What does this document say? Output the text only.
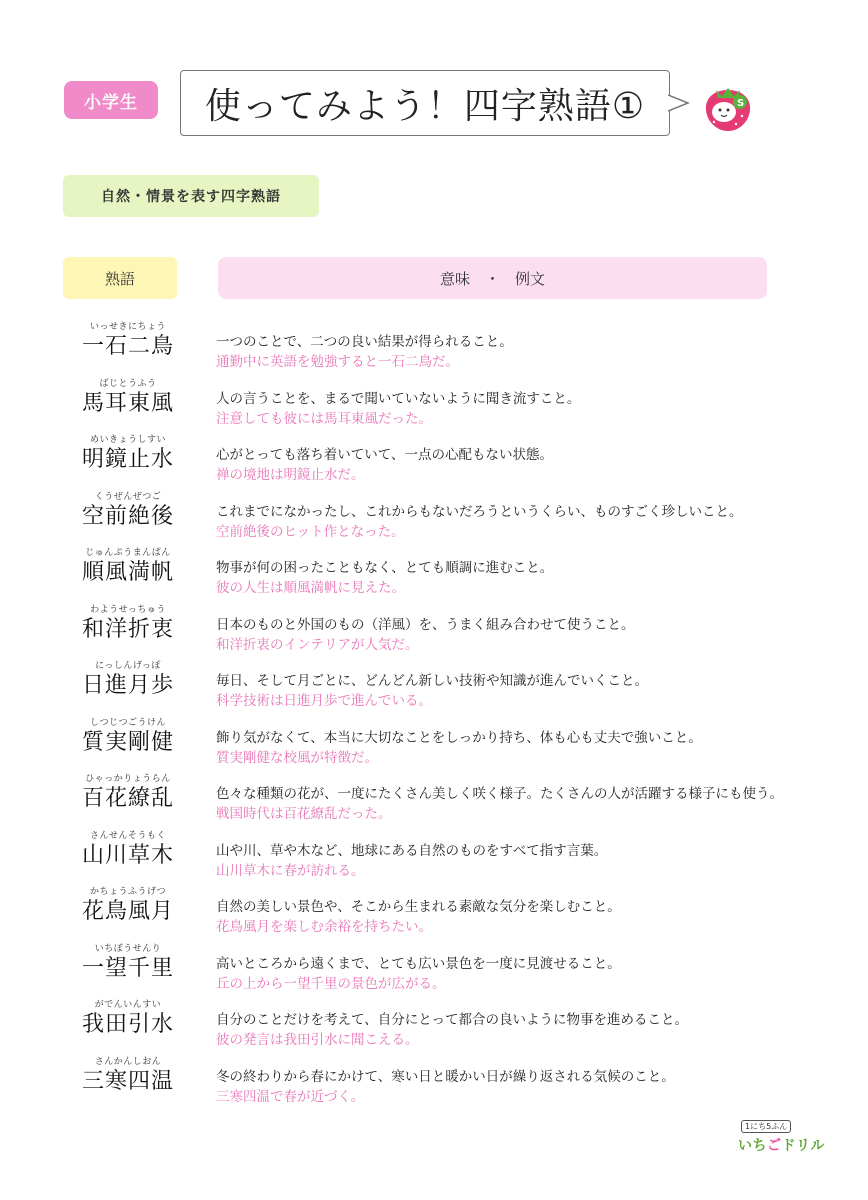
小学生	使ってみよう！四字熟語①	S
自然・情景を表す四字熟語
熟語	意味　・　例文
いっせきにちょう
一石二鳥	一つのことで、二つの良い結果が得られること。
通勤中に英語を勉強すると一石二鳥だ。
ばじとうふう
馬耳東風	人の言うことを、まるで聞いていないように聞き流すこと。
注意しても彼には馬耳東風だった。
めいきょうしすい
明鏡止水	心がとっても落ち着いていて、一点の心配もない状態。
禅の境地は明鏡止水だ。
くうぜんぜつご
空前絶後	これまでになかったし、これからもないだろうというくらい、ものすごく珍しいこと。
空前絶後のヒット作となった。
じゅんぷうまんぱん
順風満帆	物事が何の困ったこともなく、とても順調に進むこと。
彼の人生は順風満帆に見えた。
わようせっちゅう
和洋折衷	日本のものと外国のもの（洋風）を、うまく組み合わせて使うこと。
和洋折衷のインテリアが人気だ。
にっしんげっぽ
日進月歩	毎日、そして月ごとに、どんどん新しい技術や知識が進んでいくこと。
科学技術は日進月歩で進んでいる。
しつじつごうけん
質実剛健	飾り気がなくて、本当に大切なことをしっかり持ち、体も心も丈夫で強いこと。
質実剛健な校風が特徴だ。
ひゃっかりょうらん
百花繚乱	色々な種類の花が、一度にたくさん美しく咲く様子。たくさんの人が活躍する様子にも使う。
戦国時代は百花繚乱だった。
さんせんそうもく
山川草木	山や川、草や木など、地球にある自然のものをすべて指す言葉。
山川草木に春が訪れる。
かちょうふうげつ
花鳥風月	自然の美しい景色や、そこから生まれる素敵な気分を楽しむこと。
花鳥風月を楽しむ余裕を持ちたい。
いちぼうせんり
一望千里	高いところから遠くまで、とても広い景色を一度に見渡せること。
丘の上から一望千里の景色が広がる。
がでんいんすい
我田引水	自分のことだけを考えて、自分にとって都合の良いように物事を進めること。
彼の発言は我田引水に聞こえる。
さんかんしおん
三寒四温	冬の終わりから春にかけて、寒い日と暖かい日が繰り返される気候のこと。
三寒四温で春が近づく。
1にち5ふん
いちごドリル
